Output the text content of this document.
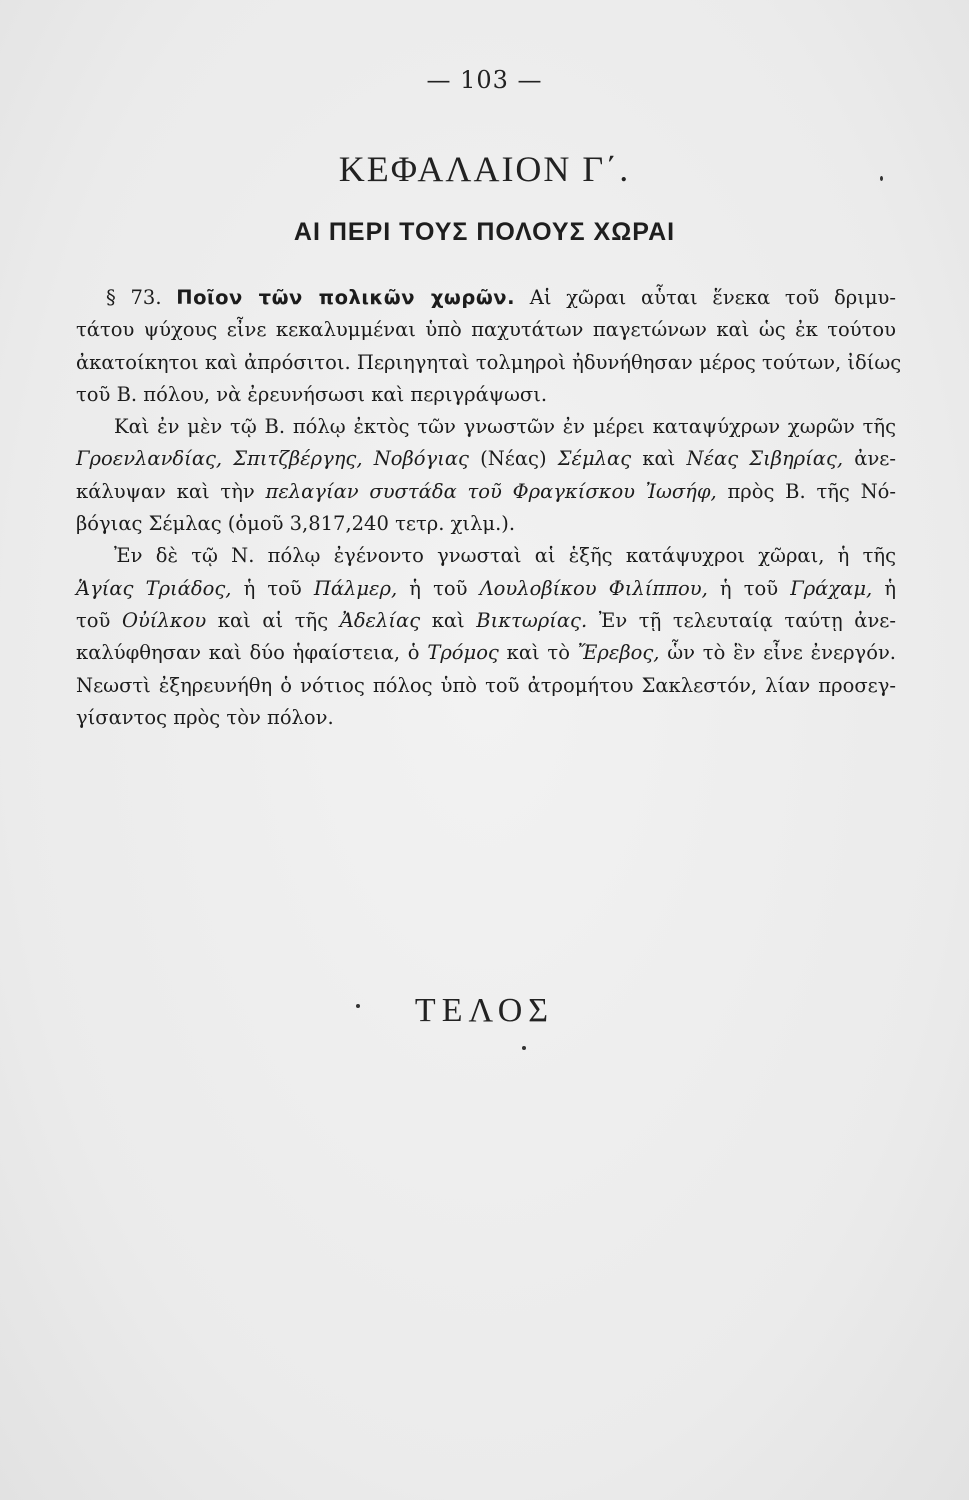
— 103 —
ΚΕΦΑΛΑΙΟΝ Γ΄.
ΑΙ ΠΕΡΙ ΤΟΥΣ ΠΟΛΟΥΣ ΧΩΡΑΙ
§ 73. Ποῖον τῶν πολικῶν χωρῶν. Αἱ χῶραι αὗται ἕνεκα τοῦ δριμυ-
τάτου ψύχους εἶνε κεκαλυμμέναι ὑπὸ παχυτάτων παγετώνων καὶ ὡς ἐκ τούτου
ἀκατοίκητοι καὶ ἀπρόσιτοι. Περιηγηταὶ τολμηροὶ ἠδυνήθησαν μέρος τούτων, ἰδίως
τοῦ Β. πόλου, νὰ ἐρευνήσωσι καὶ περιγράψωσι.
Καὶ ἐν μὲν τῷ Β. πόλῳ ἐκτὸς τῶν γνωστῶν ἐν μέρει καταψύχρων χωρῶν τῆς
Γροενλανδίας, Σπιτζβέργης, Νοβόγιας (Νέας) Σέμλας καὶ Νέας Σιβηρίας, ἀνε-
κάλυψαν καὶ τὴν πελαγίαν συστάδα τοῦ Φραγκίσκου Ἰωσήφ, πρὸς Β. τῆς Νό-
βόγιας Σέμλας (ὁμοῦ 3,817,240 τετρ. χιλμ.).
Ἐν δὲ τῷ Ν. πόλῳ ἐγένοντο γνωσταὶ αἱ ἑξῆς κατάψυχροι χῶραι, ἡ τῆς
Ἁγίας Τριάδος, ἡ τοῦ Πάλμερ, ἡ τοῦ Λουλοβίκου Φιλίππου, ἡ τοῦ Γράχαμ, ἡ
τοῦ Οὐίλκου καὶ αἱ τῆς Ἀδελίας καὶ Βικτωρίας. Ἐν τῇ τελευταίᾳ ταύτῃ ἀνε-
καλύφθησαν καὶ δύο ἡφαίστεια, ὁ Τρόμος καὶ τὸ Ἔρεβος, ὧν τὸ ἓν εἶνε ἐνεργόν.
Νεωστὶ ἐξηρευνήθη ὁ νότιος πόλος ὑπὸ τοῦ ἀτρομήτου Σακλεστόν, λίαν προσεγ-
γίσαντος πρὸς τὸν πόλον.
ΤΕΛΟΣ
